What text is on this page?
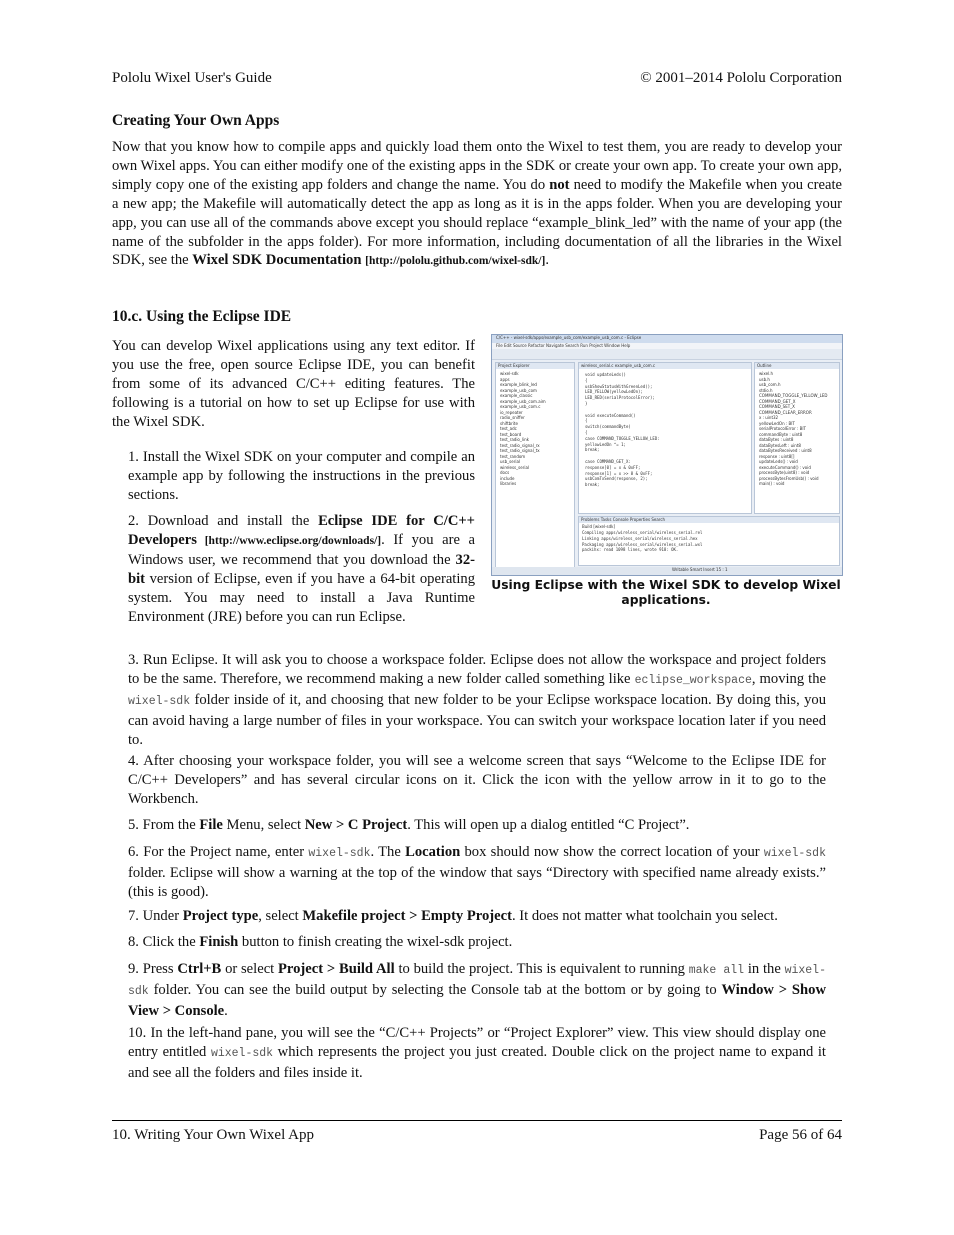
Pololu Wixel User's Guide	© 2001–2014 Pololu Corporation
Creating Your Own Apps

Now that you know how to compile apps and quickly load them onto the Wixel to test them, you are ready to develop your own Wixel apps. You can either modify one of the existing apps in the SDK or create your own app. To create your own app, simply copy one of the existing app folders and change the name. You do not need to modify the Makefile when you create a new app; the Makefile will automatically detect the app as long as it is in the apps folder. When you are developing your app, you can use all of the commands above except you should replace “example_blink_led” with the name of your app (the name of the subfolder in the apps folder). For more information, including documentation of all the libraries in the Wixel SDK, see the Wixel SDK Documentation [http://pololu.github.com/wixel-sdk/].

10.c. Using the Eclipse IDE

You can develop Wixel applications using any text editor. If you use the free, open source Eclipse IDE, you can benefit from some of its advanced C/C++ editing features. The following is a tutorial on how to set up Eclipse for use with the Wixel SDK.

1. Install the Wixel SDK on your computer and compile an example app by following the instructions in the previous sections.

2. Download and install the Eclipse IDE for C/C++ Developers [http://www.eclipse.org/downloads/]. If you are a Windows user, we recommend that you download the 32-bit version of Eclipse, even if you have a 64-bit operating system. You may need to install a Java Runtime Environment (JRE) before you can run Eclipse.

3. Run Eclipse. It will ask you to choose a workspace folder. Eclipse does not allow the workspace and project folders to be the same. Therefore, we recommend making a new folder called something like eclipse_workspace, moving the wixel-sdk folder inside of it, and choosing that new folder to be your Eclipse workspace location. By doing this, you can avoid having a large number of files in your workspace. You can switch your workspace location later if you need to.

4. After choosing your workspace folder, you will see a welcome screen that says “Welcome to the Eclipse IDE for C/C++ Developers” and has several circular icons on it. Click the icon with the yellow arrow in it to go to the Workbench.

5. From the File Menu, select New > C Project. This will open up a dialog entitled “C Project”.

6. For the Project name, enter wixel-sdk. The Location box should now show the correct location of your wixel-sdk folder. Eclipse will show a warning at the top of the window that says “Directory with specified name already exists.” (this is good).

7. Under Project type, select Makefile project > Empty Project. It does not matter what toolchain you select.

8. Click the Finish button to finish creating the wixel-sdk project.

9. Press Ctrl+B or select Project > Build All to build the project. This is equivalent to running make all in the wixel-sdk folder. You can see the build output by selecting the Console tab at the bottom or by going to Window > Show View > Console.

10. In the left-hand pane, you will see the “C/C++ Projects” or “Project Explorer” view. This view should display one entry entitled wixel-sdk which represents the project you just created. Double click on the project name to expand it and see all the folders and files inside it.

10. Writing Your Own Wixel App	Page 56 of 64
C/C++ - wixel-sdk/apps/example_usb_com/example_usb_com.c - Eclipse
File Edit Source Refactor Navigate Search Run Project Window Help
Project Explorer
wixel-sdk
apps
example_blink_led
example_usb_com
example_classic
example_usb_com.aim
example_usb_com.c
io_repeater
radio_sniffer
shiftbrite
test_adc
test_board
test_radio_link
test_radio_signal_rx
test_radio_signal_tx
test_random
usb_serial
wireless_serial
docs
include
libraries
wireless_serial.c example_usb_com.c
void updateLeds()
{
usbShowStatusWithGreenLed();
LED_YELLOW(yellowLedOn);
LED_RED(serialProtocolError);
}
void executeCommand()
{
switch(commandByte)
{
case COMMAND_TOGGLE_YELLOW_LED:
yellowLedOn ^= 1;
break;
case COMMAND_GET_X:
response[0] = x & 0xFF;
response[1] = x >> 8 & 0xFF;
usbComTxSend(response, 2);
break;
Outline
wixel.h
usb.h
usb_com.h
stdio.h
COMMAND_TOGGLE_YELLOW_LED
COMMAND_GET_X
COMMAND_SET_X
COMMAND_CLEAR_ERROR
x : uint32
yellowLedOn : BIT
serialProtocolError : BIT
commandByte : uint8
dataBytes : uint8
dataBytesLeft : uint8
dataBytesReceived : uint8
response : uint8[]
updateLeds() : void
executeCommand() : void
processByte(uint8) : void
processBytesFromUsb() : void
main() : void
Problems Tasks Console Properties Search
Build [wixel-sdk]
Compiling apps/wireless_serial/wireless_serial.rel
Linking apps/wireless_serial/wireless_serial.hex
Packaging apps/wireless_serial/wireless_serial.wxl
packihx: read 1098 lines, wrote 918: OK.
Writable Smart Insert 15 : 1
Using Eclipse with the Wixel SDK to develop Wixel applications.
